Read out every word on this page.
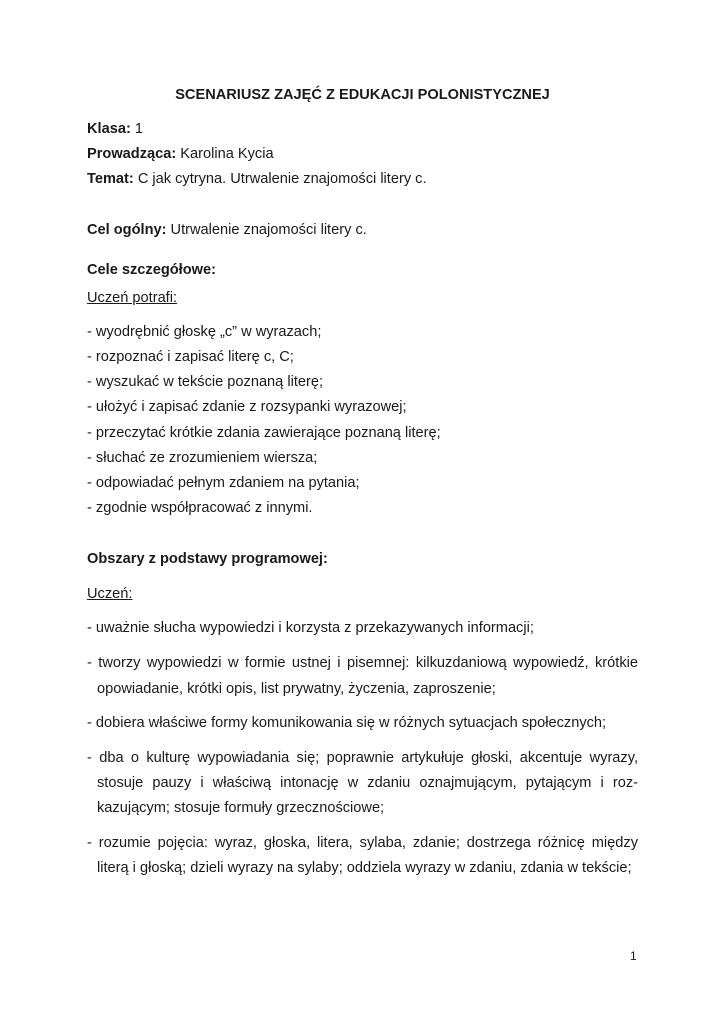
SCENARIUSZ ZAJĘĆ Z EDUKACJI POLONISTYCZNEJ
Klasa: 1
Prowadząca: Karolina Kycia
Temat: C jak cytryna. Utrwalenie znajomości litery c.
Cel ogólny: Utrwalenie znajomości litery c.
Cele szczegółowe:
Uczeń potrafi:
- wyodrębnić głoskę „c” w wyrazach;
- rozpoznać i zapisać literę c, C;
- wyszukać w tekście poznaną literę;
- ułożyć i zapisać zdanie z rozsypanki wyrazowej;
- przeczytać krótkie zdania zawierające poznaną literę;
- słuchać ze zrozumieniem wiersza;
- odpowiadać pełnym zdaniem na pytania;
- zgodnie współpracować z innymi.
Obszary z podstawy programowej:
Uczeń:
- uważnie słucha wypowiedzi i korzysta z przekazywanych informacji;
- tworzy wypowiedzi w formie ustnej i pisemnej: kilkuzdaniową wypowiedź, krótkie
opowiadanie, krótki opis, list prywatny, życzenia, zaproszenie;
- dobiera właściwe formy komunikowania się w różnych sytuacjach społecznych;
- dba o kulturę wypowiadania się; poprawnie artykułuje głoski, akcentuje wyrazy,
stosuje pauzy i właściwą intonację w zdaniu oznajmującym, pytającym i roz-
kazującym; stosuje formuły grzecznościowe;
- rozumie pojęcia: wyraz, głoska, litera, sylaba, zdanie; dostrzega różnicę między
literą i głoską; dzieli wyrazy na sylaby; oddziela wyrazy w zdaniu, zdania w tekście;
1
